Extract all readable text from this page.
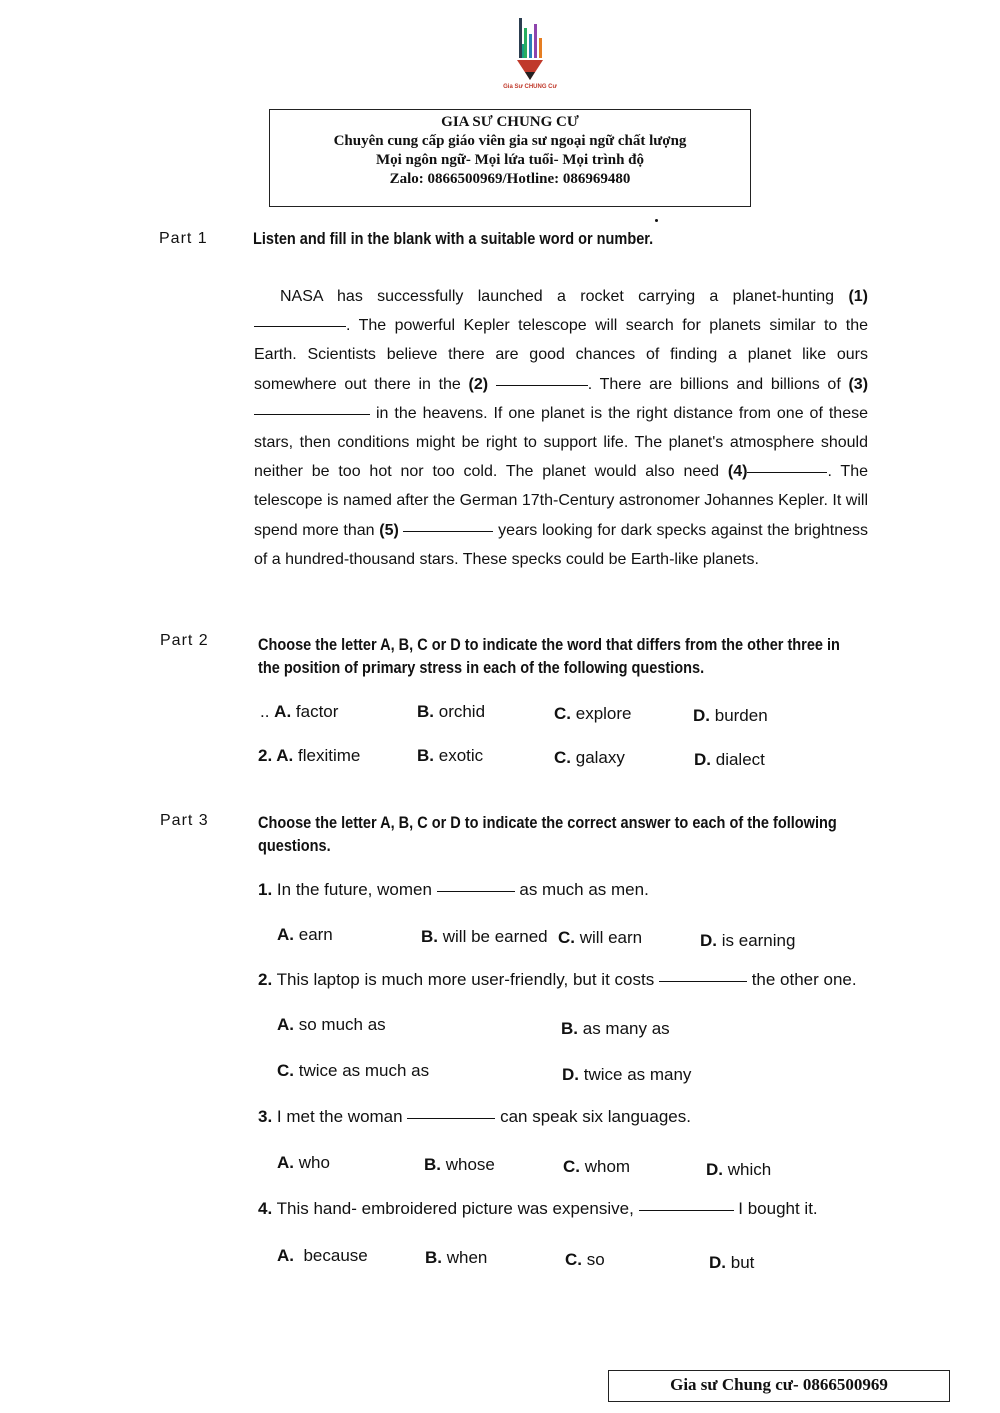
Gia Sư CHUNG Cư
GIA SƯ CHUNG CƯ
Chuyên cung cấp giáo viên gia sư ngoại ngữ chất lượng
Mọi ngôn ngữ- Mọi lứa tuổi- Mọi trình độ
Zalo: 0866500969/Hotline: 086969480
Part 1	Listen and fill in the blank with a suitable word or number.

NASA has successfully launched a rocket carrying a planet-hunting (1) . The powerful Kepler telescope will search for planets similar to the Earth. Scientists believe there are good chances of finding a planet like ours somewhere out there in the (2)	. There are billions and billions of (3)  in the heavens. If one planet is the right distance from one of these stars, then conditions might be right to support life. The planet's atmosphere should neither be too hot nor too cold. The planet would also need (4)	. The telescope is named after the German 17th-Century astronomer Johannes Kepler. It will spend more than (5)	years looking for dark specks against the brightness of a hundred-thousand stars. These specks could be Earth-like planets.

Part 2	Choose the letter A, B, C or D to indicate the word that differs from the other three in the position of primary stress in each of the following questions.
.. A. factor	B. orchid	C. explore	D. burden
2. A. flexitime	B. exotic	C. galaxy	D. dialect
Part 3	Choose the letter A, B, C or D to indicate the correct answer to each of the following questions.
1. In the future, women	as much as men.
A. earn	B. will be earned C. will earn	D. is earning
2. This laptop is much more user-friendly, but it costs	the other one.
A. so much as	B. as many as
C. twice as much as	D. twice as many
3. I met the woman	can speak six languages.
A. who	B. whose	C. whom	D. which
4. This hand- embroidered picture was expensive,	I bought it.
A. because	B. when	C. so	D. but
Gia sư Chung cư- 0866500969
